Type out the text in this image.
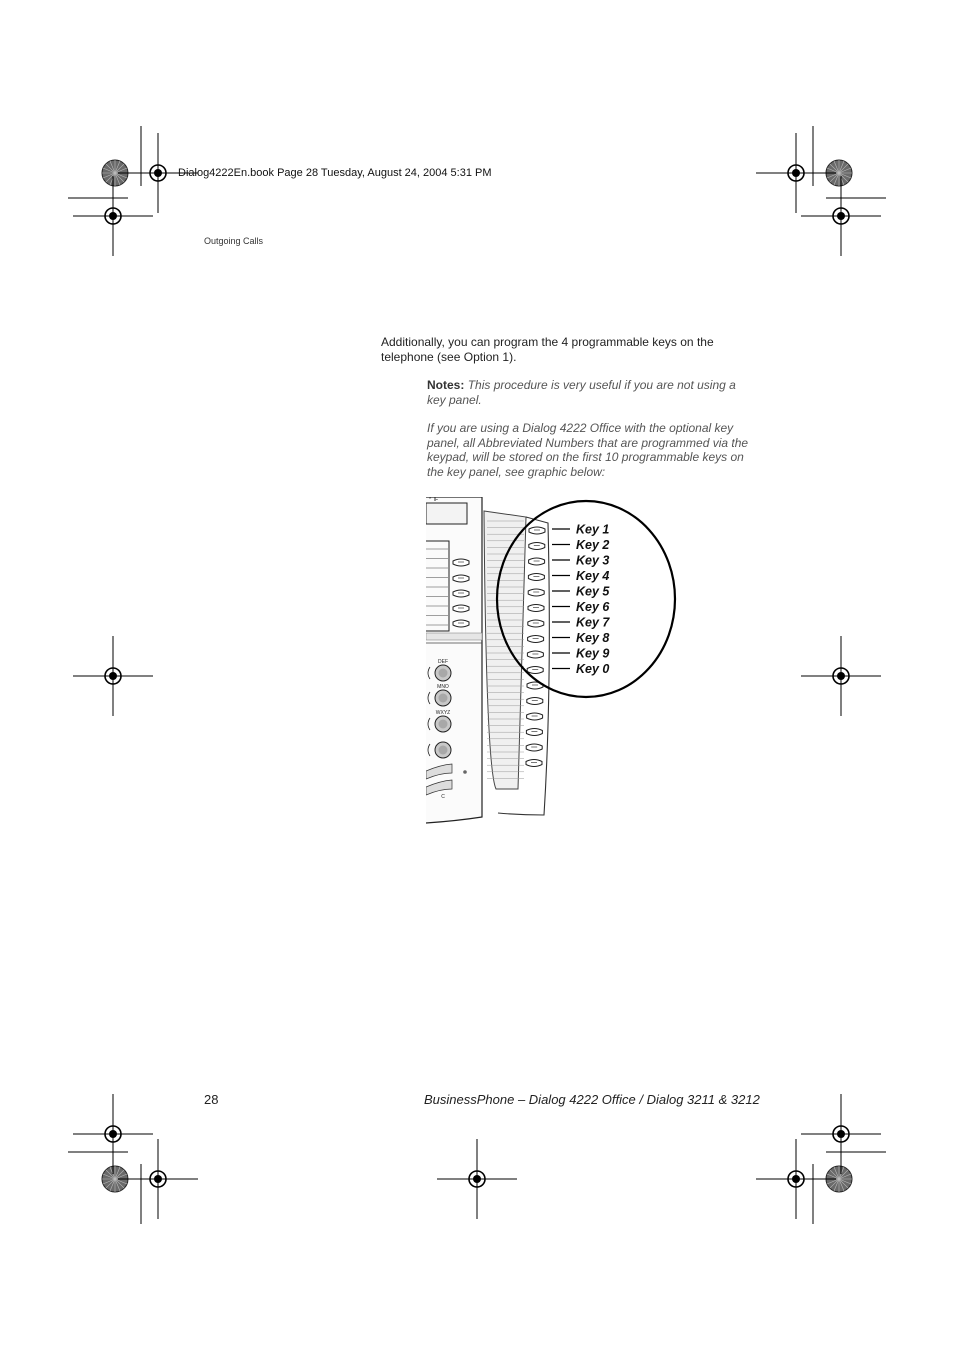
Dialog4222En.book Page 28 Tuesday, August 24, 2004 5:31 PM
Outgoing Calls
Additionally, you can program the 4 programmable keys on the telephone (see Option 1).

Notes: This procedure is very useful if you are not using a key panel.

If you are using a Dialog 4222 Office with the optional key panel, all Abbreviated Numbers that are programmed via the keypad, will be stored on the first 10 programmable keys on the key panel, see graphic below:

⌃ IF
DEF
MNO
WXYZ
C
Key 1
Key 2
Key 3
Key 4
Key 5
Key 6
Key 7
Key 8
Key 9
Key 0
28	BusinessPhone – Dialog 4222 Office / Dialog 3211 & 3212
